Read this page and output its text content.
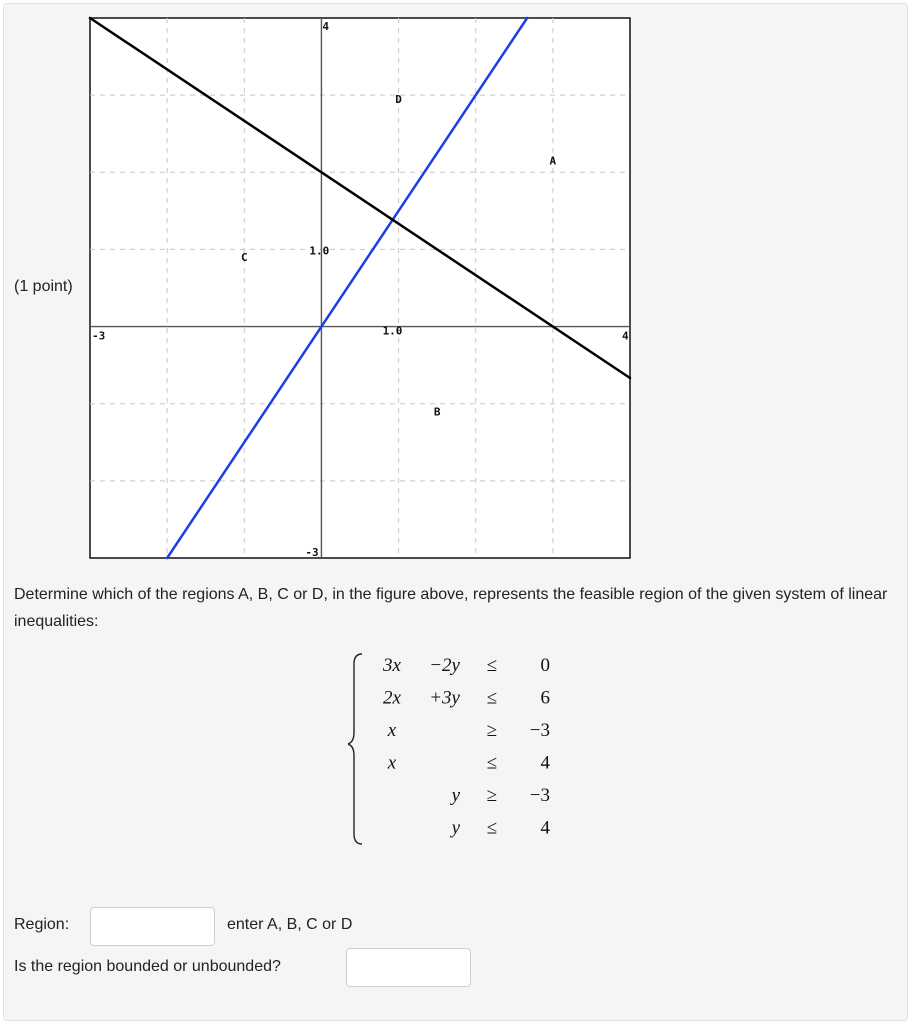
(1 point)
-3	4
4
-3
1.0
1.0
A
B
C
D
Determine which of the regions A, B, C or D, in the figure above, represents the feasible region of the given system of linear inequalities:
3x −2y ≤ 0
2x +3y ≤ 6
x	≥ −3
x	≤ 4
y ≥ −3
y ≤ 4
Region:	enter A, B, C or D
Is the region bounded or unbounded?
